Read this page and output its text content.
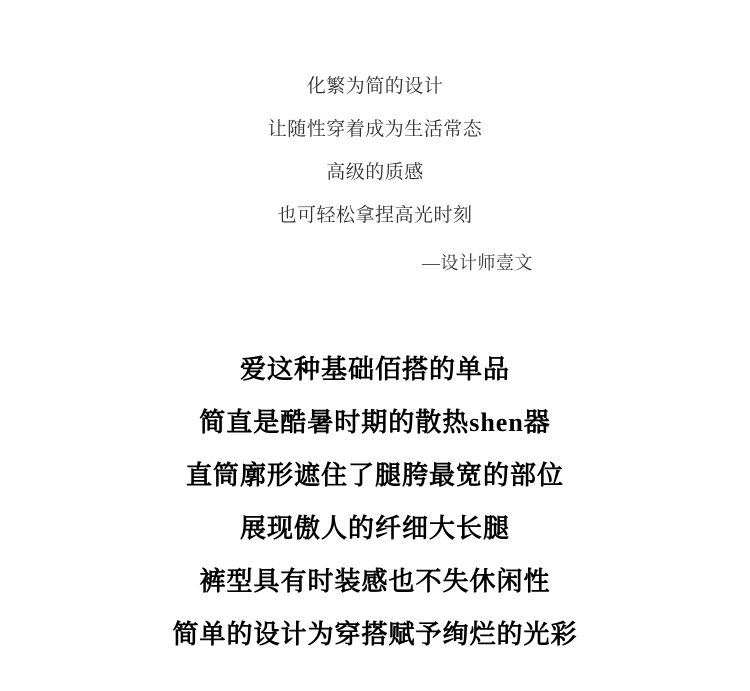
化繁为简的设计
让随性穿着成为生活常态
高级的质感
也可轻松拿捏高光时刻
—设计师壹文
爱这种基础佰搭的单品
简直是酷暑时期的散热shen器
直筒廓形遮住了腿胯最宽的部位
展现傲人的纤细大长腿
裤型具有时装感也不失休闲性
简单的设计为穿搭赋予绚烂的光彩
